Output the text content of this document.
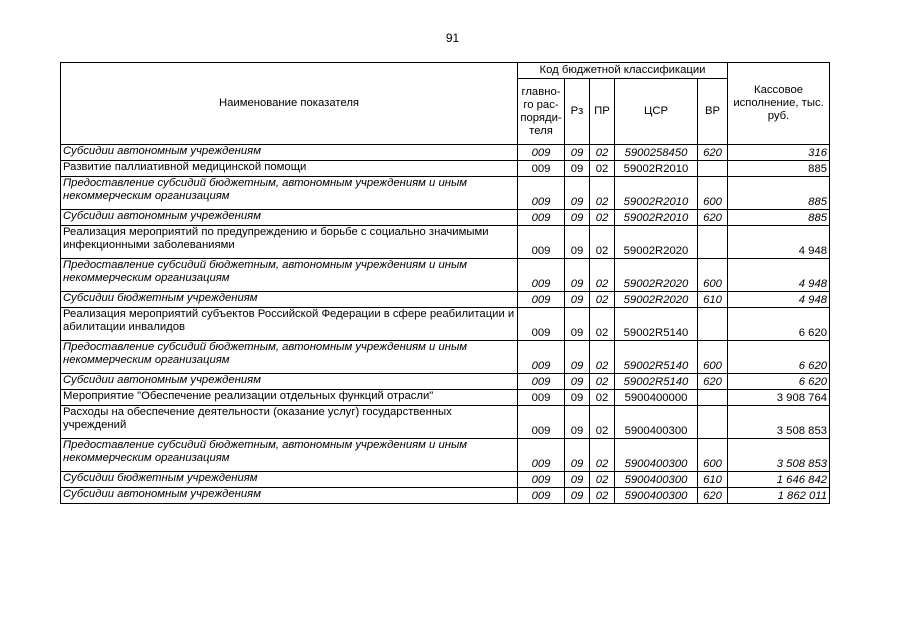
91
Наименование показателя	Код бюджетной классификации					Кассовое исполнение, тыс. руб.
	главно-го рас-поряди-теля	Рз	ПР	ЦСР	ВР	
Субсидии автономным учреждениям	009	09	02	5900258450	620	316
Развитие паллиативной медицинской помощи	009	09	02	59002R2010		885
Предоставление субсидий бюджетным, автономным учреждениям и иным некоммерческим организациям	009	09	02	59002R2010	600	885
Субсидии автономным учреждениям	009	09	02	59002R2010	620	885
Реализация мероприятий по предупреждению и борьбе с социально значимыми инфекционными заболеваниями	009	09	02	59002R2020		4 948
Предоставление субсидий бюджетным, автономным учреждениям и иным некоммерческим организациям	009	09	02	59002R2020	600	4 948
Субсидии бюджетным учреждениям	009	09	02	59002R2020	610	4 948
Реализация мероприятий субъектов Российской Федерации в сфере реабилитации и абилитации инвалидов	009	09	02	59002R5140		6 620
Предоставление субсидий бюджетным, автономным учреждениям и иным некоммерческим организациям	009	09	02	59002R5140	600	6 620
Субсидии автономным учреждениям	009	09	02	59002R5140	620	6 620
Мероприятие "Обеспечение реализации отдельных функций отрасли"	009	09	02	5900400000		3 908 764
Расходы на обеспечение деятельности (оказание услуг) государственных учреждений	009	09	02	5900400300		3 508 853
Предоставление субсидий бюджетным, автономным учреждениям и иным некоммерческим организациям	009	09	02	5900400300	600	3 508 853
Субсидии бюджетным учреждениям	009	09	02	5900400300	610	1 646 842
Субсидии автономным учреждениям	009	09	02	5900400300	620	1 862 011
